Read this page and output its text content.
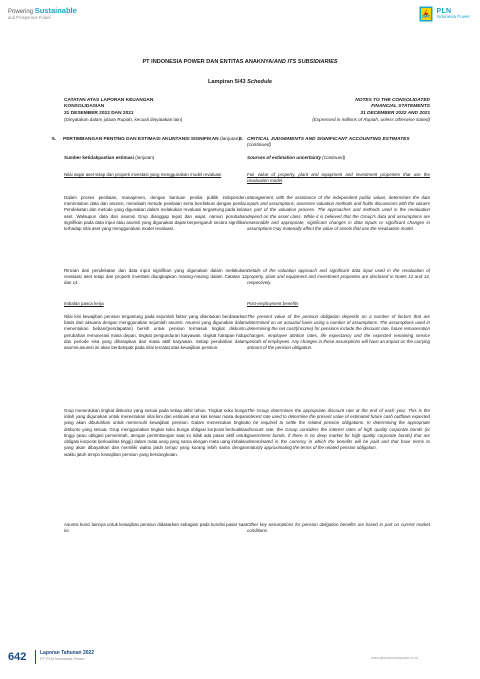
Powering Sustainable
and Prosperous Future
PLN
Indonesia Power
PT INDONESIA POWER DAN ENTITAS ANAKNYA/AND ITS SUBSIDIARIES
Lampiran 5/43 Schedule
CATATAN ATAS LAPORAN KEUANGAN
KONSOLIDASIAN
31 DESEMBER 2022 DAN 2021
(Dinyatakan dalam jutaan Rupiah, kecuali dinyatakan lain)
5.	PERTIMBANGAN PENTING DAN ESTIMASI AKUNTANSI SIGNIFIKAN (lanjutan)
Sumber ketidakpastian estimasi (lanjutan)
Nilai wajar aset tetap dan properti investasi yang menggunakan model revaluasi
Dalam proses penilaian, manajemen, dengan bantuan penilai publik independen, menentukan data dan asumsi, menelaah metode penilaian serta berdiskusi dengan penilai. Pendekatan dan metode yang digunakan dalam melakukan revaluasi tergantung pada kelas aset. Walaupun data dan asumsi Grup dianggap tepat dan wajar, namun perubahan signifikan pada data input atau asumsi yang digunakan dapat berpengaruh secara signifikan terhadap nilai aset yang menggunakan model revaluasi.
Rincian dari pendekatan dan data input signifikan yang digunakan dalam melakukan revaluasi aset tetap dan properti investasi diungkapkan masing-masing dalam Catatan 12 dan 14.
Imbalan pasca kerja
Nilai kini kewajiban pensiun tergantung pada sejumlah faktor yang ditentukan berdasarkan basis dari aktuaria dengan menggunakan sejumlah asumsi. Asumsi yang digunakan dalam menentukan beban/(pendapatan) bersih untuk pensiun termasuk tingkat diskonto, perubahan remunerasi masa depan, tingkat pengunduran karyawan, tingkat harapan hidup dan periode sisa yang diharapkan dari masa aktif karyawan. Setiap perubahan dalam asumsi-asumsi ini akan berdampak pada nilai tercatat atas kewajiban pensiun.
Grup menentukan tingkat diskonto yang sesuai pada setiap akhir tahun. Tingkat suku bunga inilah yang digunakan untuk menentukan nilai kini dari estimasi arus kas keluar masa depan yang akan dibutuhkan untuk memenuhi kewajiban pensiun. Dalam menentukan tingkat diskonto yang sesuai, Grup menggunakan tingkat suku bunga obligasi korporat berkualitas tinggi (atau obligasi pemerintah, dengan pertimbangan saat ini tidak ada pasar aktif untuk obligasi korporat berkualitas tinggi) dalam mata uang yang sama dengan mata uang imbalan yang akan dibayarkan dan memiliki waktu jatuh tempo yang kurang lebih sama dengan waktu jatuh tempo kewajiban pensiun yang bersangkutan.
Asumsi kunci lainnya untuk kewajiban pensiun didasarkan sebagian pada kondisi pasar saat ini.
NOTES TO THE CONSOLIDATED
FINANCIAL STATEMENTS
31 DECEMBER 2022 AND 2021
(Expressed in millions of Rupiah, unless otherwise stated)
5. CRITICAL JUDGEMENTS AND SIGNIFICANT ACCOUNTING ESTIMATES (continued)
Sources of estimation uncertainty (continued)
Fair value of property, plant and equipment and investment properties that use the revaluation model
Management, with the assistance of the independent public valuer, determines the data inputs and assumptions, assesses valuation methods and holds discussions with the valuers as part of the valuation process. The approaches and methods used in the revaluation depend on the asset class. While it is believed that the Group's data and assumptions are reasonable and appropriate, significant changes in data inputs or significant changes in assumptions may materially affect the value of assets that use the revaluation model.
Details of the valuation approach and significant data input used in the revaluation of property, plant and equipment and investment properties are disclosed in Notes 12 and 14, respectively.
Post-employment benefits
The present value of the pension obligation depends on a number of factors that are determined on an actuarial basis using a number of assumptions. The assumptions used in determining the net cost/(income) for pensions include the discount rate, future remuneration changes, employee attrition rates, life expectancy and the expected remaining service periods of employees. Any changes in these assumptions will have an impact on the carrying amount of the pension obligation.
The Group determines the appropriate discount rate at the end of each year. This is the interest rate used to determine the present value of estimated future cash outflows expected to be required to settle the related pension obligations. In determining the appropriate discount rate, the Group considers the interest rates of high quality corporate bonds (or government bonds, if there is no deep market for high quality corporate bonds) that are denominated in the currency in which the benefits will be paid and that have terms to maturity approximating the terms of the related pension obligation.
Other key assumptions for pension obligation benefits are based in part on current market conditions.
642	Laporan Tahunan 2022
PT PLN Indonesia Power	www.plnindonesiapower.co.id
